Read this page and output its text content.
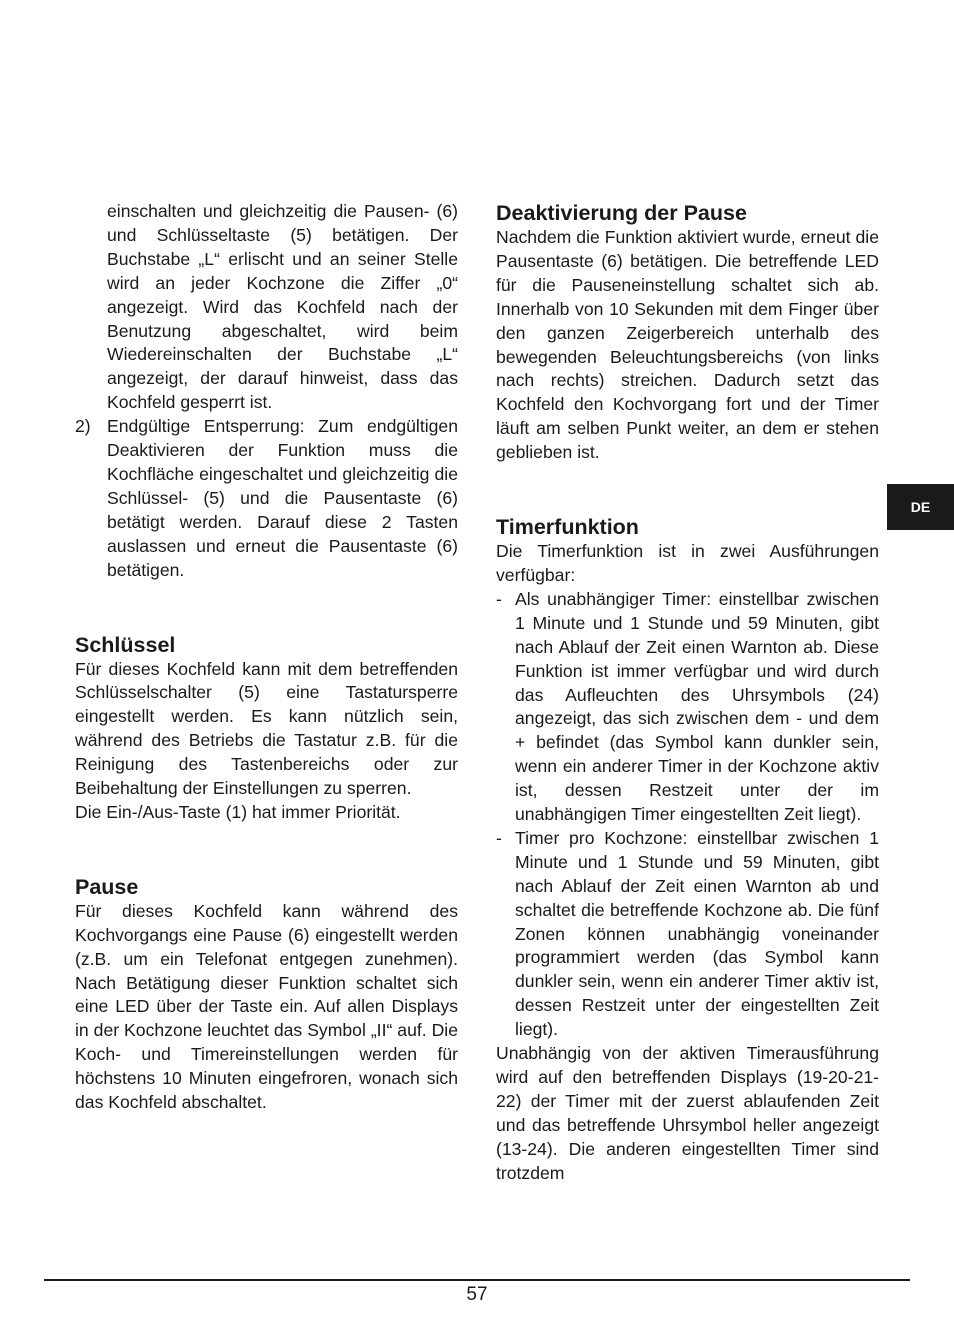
einschalten und gleichzeitig die Pausen- (6) und Schlüsseltaste (5) betätigen. Der Buchstabe „L“ erlischt und an seiner Stelle wird an jeder Kochzone die Ziffer „0“ angezeigt. Wird das Kochfeld nach der Benutzung abgeschaltet, wird beim Wiedereinschalten der Buchstabe „L“ angezeigt, der darauf hinweist, dass das Kochfeld gesperrt ist.

2) Endgültige Entsperrung: Zum endgültigen Deaktivieren der Funktion muss die Kochfläche eingeschaltet und gleichzeitig die Schlüssel- (5) und die Pausentaste (6) betätigt werden. Darauf diese 2 Tasten auslassen und erneut die Pausentaste (6) betätigen.
Schlüssel

Für dieses Kochfeld kann mit dem betreffenden Schlüsselschalter (5) eine Tastatursperre eingestellt werden. Es kann nützlich sein, während des Betriebs die Tastatur z.B. für die Reinigung des Tastenbereichs oder zur Beibehaltung der Einstellungen zu sperren.

Die Ein-/Aus-Taste (1) hat immer Priorität.

Pause

Für dieses Kochfeld kann während des Kochvorgangs eine Pause (6) eingestellt werden (z.B. um ein Telefonat entgegen zunehmen). Nach Betätigung dieser Funktion schaltet sich eine LED über der Taste ein. Auf allen Displays in der Kochzone leuchtet das Symbol „II“ auf. Die Koch- und Timereinstellungen werden für höchstens 10 Minuten eingefroren, wonach sich das Kochfeld abschaltet.

Deaktivierung der Pause

Nachdem die Funktion aktiviert wurde, erneut die Pausentaste (6) betätigen. Die betreffende LED für die Pauseneinstellung schaltet sich ab. Innerhalb von 10 Sekunden mit dem Finger über den ganzen Zeigerbereich unterhalb des bewegenden Beleuchtungsbereichs (von links nach rechts) streichen. Dadurch setzt das Kochfeld den Kochvorgang fort und der Timer läuft am selben Punkt weiter, an dem er stehen geblieben ist.

Timerfunktion

Die Timerfunktion ist in zwei Ausführungen verfügbar:

- Als unabhängiger Timer: einstellbar zwischen 1 Minute und 1 Stunde und 59 Minuten, gibt nach Ablauf der Zeit einen Warnton ab. Diese Funktion ist immer verfügbar und wird durch das Aufleuchten des Uhrsymbols (24) angezeigt, das sich zwischen dem - und dem + befindet (das Symbol kann dunkler sein, wenn ein anderer Timer in der Kochzone aktiv ist, dessen Restzeit unter der im unabhängigen Timer eingestellten Zeit liegt).
- Timer pro Kochzone: einstellbar zwischen 1 Minute und 1 Stunde und 59 Minuten, gibt nach Ablauf der Zeit einen Warnton ab und schaltet die betreffende Kochzone ab. Die fünf Zonen können unabhängig voneinander programmiert werden (das Symbol kann dunkler sein, wenn ein anderer Timer aktiv ist, dessen Restzeit unter der eingestellten Zeit liegt).

Unabhängig von der aktiven Timerausführung wird auf den betreffenden Displays (19-20-21-22) der Timer mit der zuerst ablaufenden Zeit und das betreffende Uhrsymbol heller angezeigt (13-24). Die anderen eingestellten Timer sind trotzdem

DE
57
